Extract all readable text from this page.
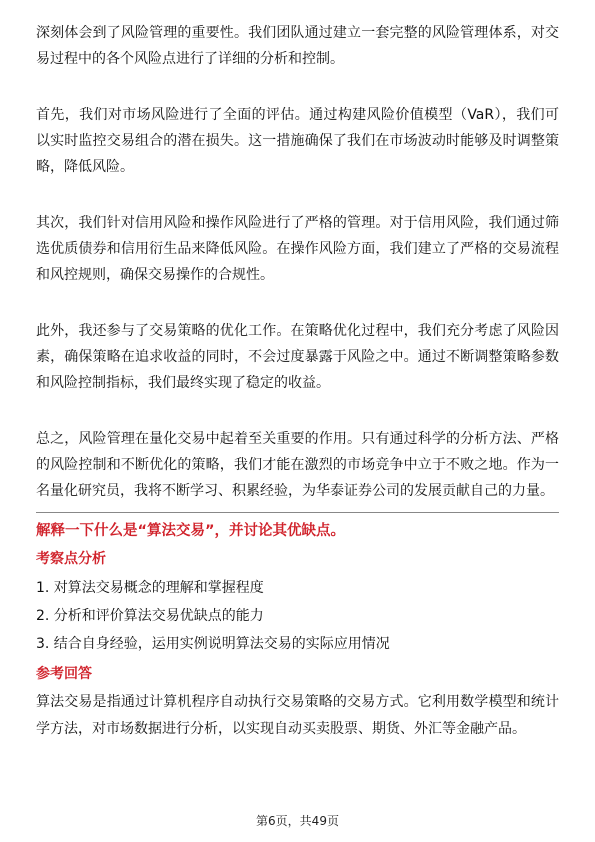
深刻体会到了风险管理的重要性。我们团队通过建立一套完整的风险管理体系，对交易过程中的各个风险点进行了详细的分析和控制。

首先，我们对市场风险进行了全面的评估。通过构建风险价值模型（VaR），我们可以实时监控交易组合的潜在损失。这一措施确保了我们在市场波动时能够及时调整策略，降低风险。

其次，我们针对信用风险和操作风险进行了严格的管理。对于信用风险，我们通过筛选优质债券和信用衍生品来降低风险。在操作风险方面，我们建立了严格的交易流程和风控规则，确保交易操作的合规性。

此外，我还参与了交易策略的优化工作。在策略优化过程中，我们充分考虑了风险因素，确保策略在追求收益的同时，不会过度暴露于风险之中。通过不断调整策略参数和风险控制指标，我们最终实现了稳定的收益。

总之，风险管理在量化交易中起着至关重要的作用。只有通过科学的分析方法、严格的风险控制和不断优化的策略，我们才能在激烈的市场竞争中立于不败之地。作为一名量化研究员，我将不断学习、积累经验，为华泰证券公司的发展贡献自己的力量。

解释一下什么是“算法交易”，并讨论其优缺点。
考察点分析
1. 对算法交易概念的理解和掌握程度
2. 分析和评价算法交易优缺点的能力
3. 结合自身经验，运用实例说明算法交易的实际应用情况
参考回答

算法交易是指通过计算机程序自动执行交易策略的交易方式。它利用数学模型和统计学方法，对市场数据进行分析，以实现自动买卖股票、期货、外汇等金融产品。

第6页，共49页
